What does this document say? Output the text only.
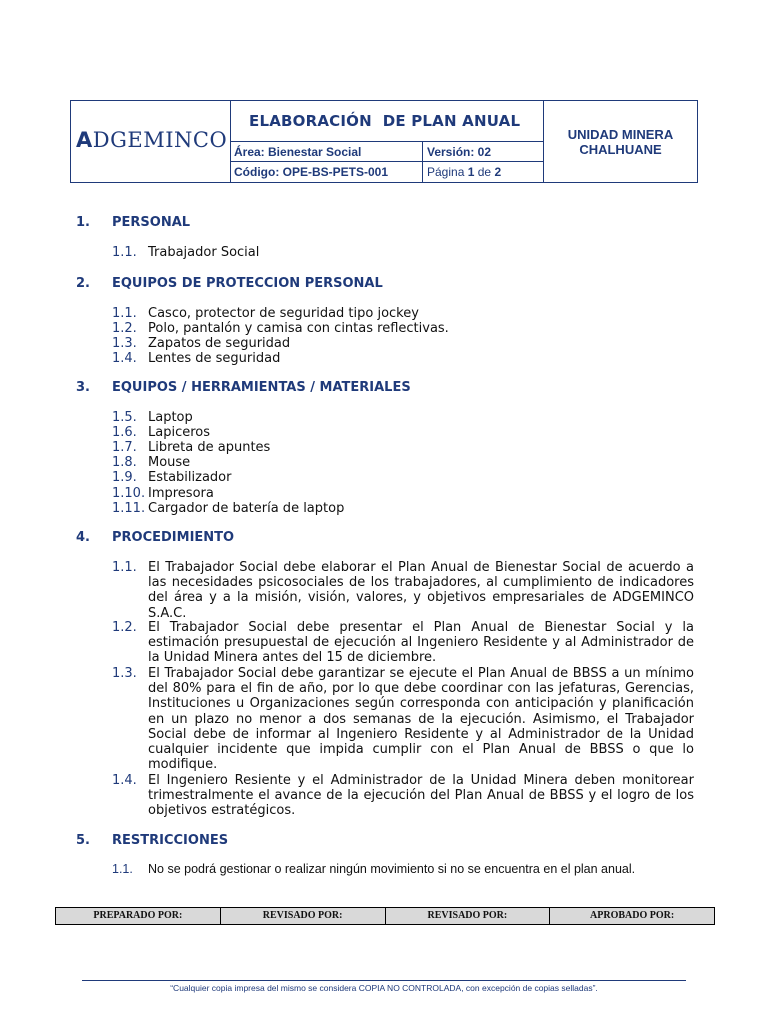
ADGEMINCO
ELABORACIÓN  DE PLAN ANUAL
Área: Bienestar Social	Versión: 02
Código: OPE-BS-PETS-001	Página 1 de 2
UNIDAD MINERA
CHALHUANE
1. PERSONAL
1.1. Trabajador Social
2. EQUIPOS DE PROTECCION PERSONAL
1.1. Casco, protector de seguridad tipo jockey
1.2. Polo, pantalón y camisa con cintas reflectivas.
1.3. Zapatos de seguridad
1.4. Lentes de seguridad
3. EQUIPOS / HERRAMIENTAS / MATERIALES
1.5. Laptop
1.6. Lapiceros
1.7. Libreta de apuntes
1.8. Mouse
1.9. Estabilizador
1.10. Impresora
1.11. Cargador de batería de laptop
4. PROCEDIMIENTO
1.1. El Trabajador Social debe elaborar el Plan Anual de Bienestar Social de acuerdo a las necesidades psicosociales de los trabajadores, al cumplimiento de indicadores del área y a la misión, visión, valores, y objetivos empresariales de ADGEMINCO S.A.C.
1.2. El Trabajador Social debe presentar el Plan Anual de Bienestar Social y la estimación presupuestal de ejecución al Ingeniero Residente y al Administrador de la Unidad Minera antes del 15 de diciembre.
1.3. El Trabajador Social debe garantizar se ejecute el Plan Anual de BBSS a un mínimo del 80% para el fin de año, por lo que debe coordinar con las jefaturas, Gerencias, Instituciones u Organizaciones según corresponda con anticipación y planificación en un plazo no menor a dos semanas de la ejecución. Asimismo, el Trabajador Social debe de informar al Ingeniero Residente y al Administrador de la Unidad cualquier incidente que impida cumplir con el Plan Anual de BBSS o que lo modifique.
1.4. El Ingeniero Resiente y el Administrador de la Unidad Minera deben monitorear trimestralmente el avance de la ejecución del Plan Anual de BBSS y el logro de los objetivos estratégicos.
5. RESTRICCIONES
1.1. No se podrá gestionar o realizar ningún movimiento si no se encuentra en el plan anual.
PREPARADO POR:	REVISADO POR:	REVISADO POR:	APROBADO POR:
“Cualquier copia impresa del mismo se considera COPIA NO CONTROLADA, con excepción de copias selladas”.
